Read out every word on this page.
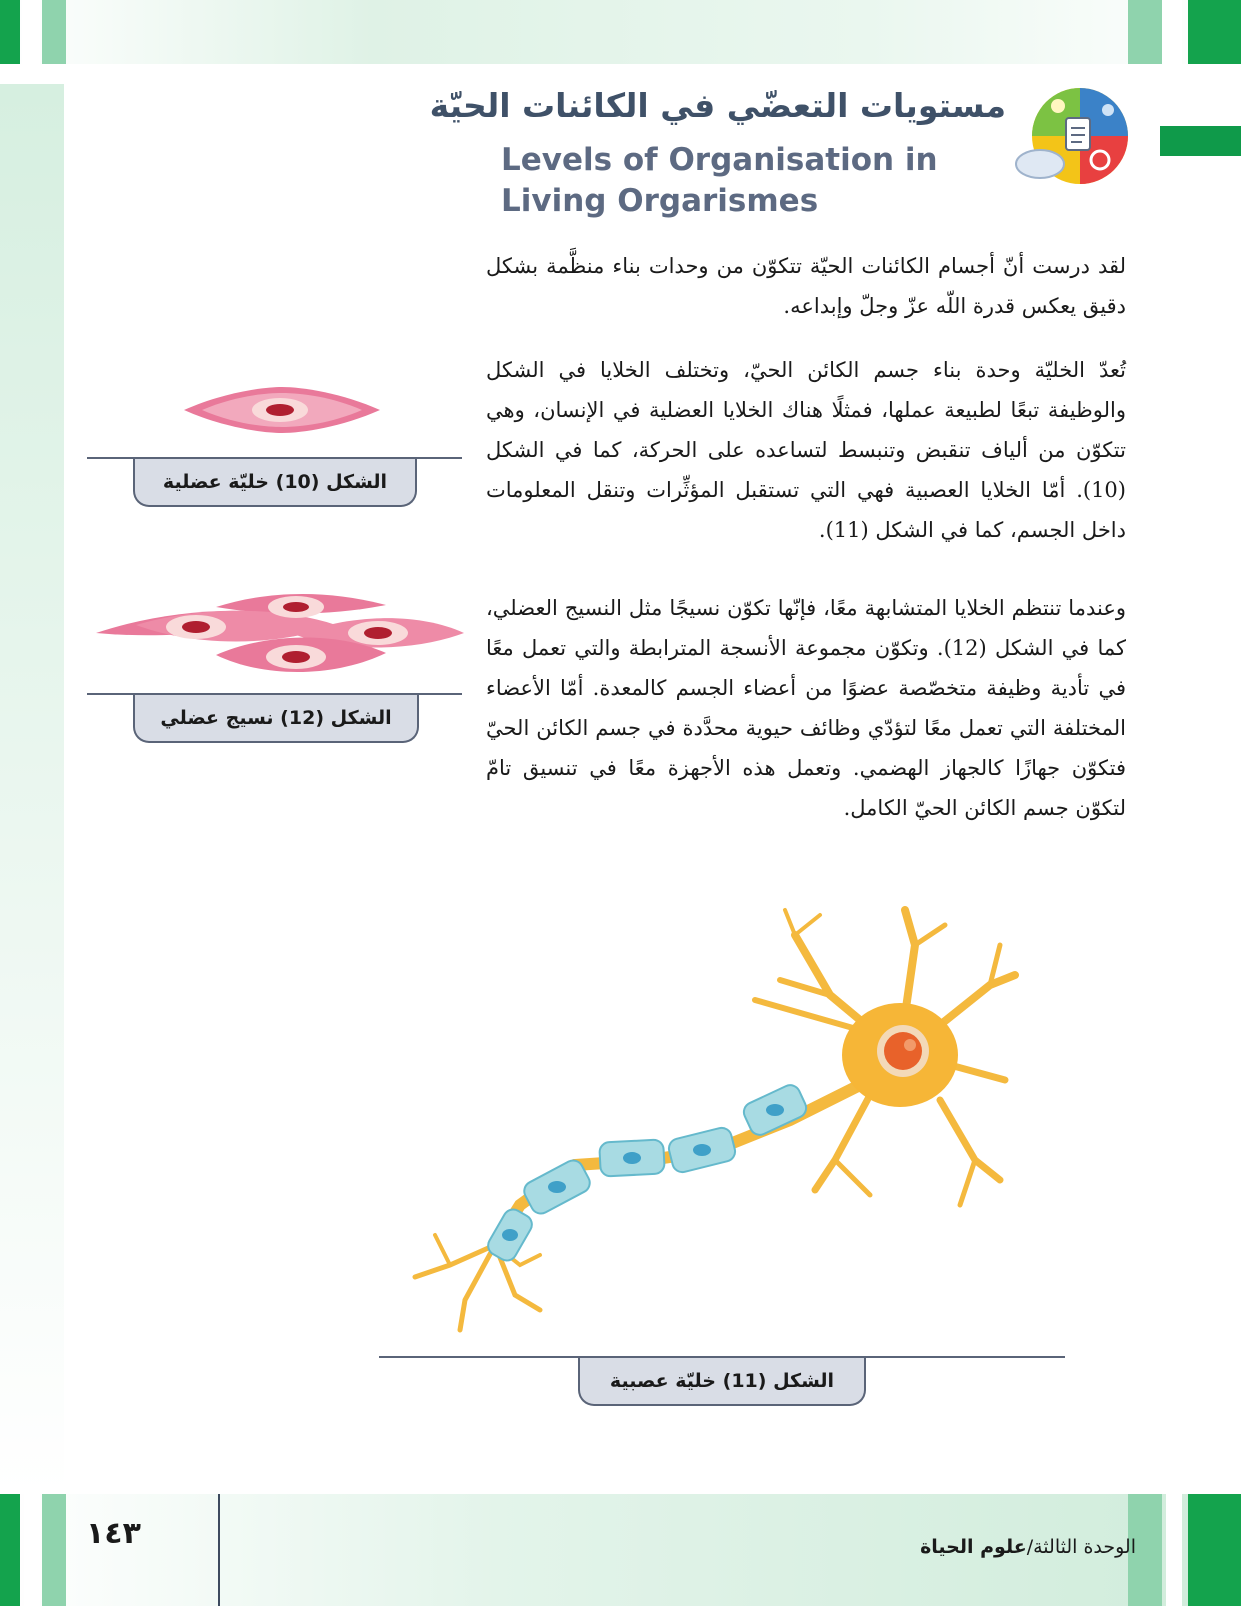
مستويات التعضّي في الكائنات الحيّة
Levels of Organisation in Living Orgarismes
لقد درست أنّ أجسام الكائنات الحيّة تتكوّن من وحدات بناء منظَّمة بشكل دقيق يعكس قدرة اللّه عزّ وجلّ وإبداعه.
تُعدّ الخليّة وحدة بناء جسم الكائن الحيّ، وتختلف الخلايا في الشكل والوظيفة تبعًا لطبيعة عملها، فمثلًا هناك الخلايا العضلية في الإنسان، وهي تتكوّن من ألياف تنقبض وتنبسط لتساعده على الحركة، كما في الشكل (10). أمّا الخلايا العصبية فهي التي تستقبل المؤثِّرات وتنقل المعلومات داخل الجسم، كما في الشكل (11).
وعندما تنتظم الخلايا المتشابهة معًا، فإنّها تكوّن نسيجًا مثل النسيج العضلي، كما في الشكل (12). وتكوّن مجموعة الأنسجة المترابطة والتي تعمل معًا في تأدية وظيفة متخصّصة عضوًا من أعضاء الجسم كالمعدة. أمّا الأعضاء المختلفة التي تعمل معًا لتؤدّي وظائف حيوية محدَّدة في جسم الكائن الحيّ فتكوّن جهازًا كالجهاز الهضمي. وتعمل هذه الأجهزة معًا في تنسيق تامّ لتكوّن جسم الكائن الحيّ الكامل.
الشكل (10) خليّة عضلية
الشكل (12) نسيج عضلي
الشكل (11) خليّة عصبية
١٤٣	الوحدة الثالثة/علوم الحياة
